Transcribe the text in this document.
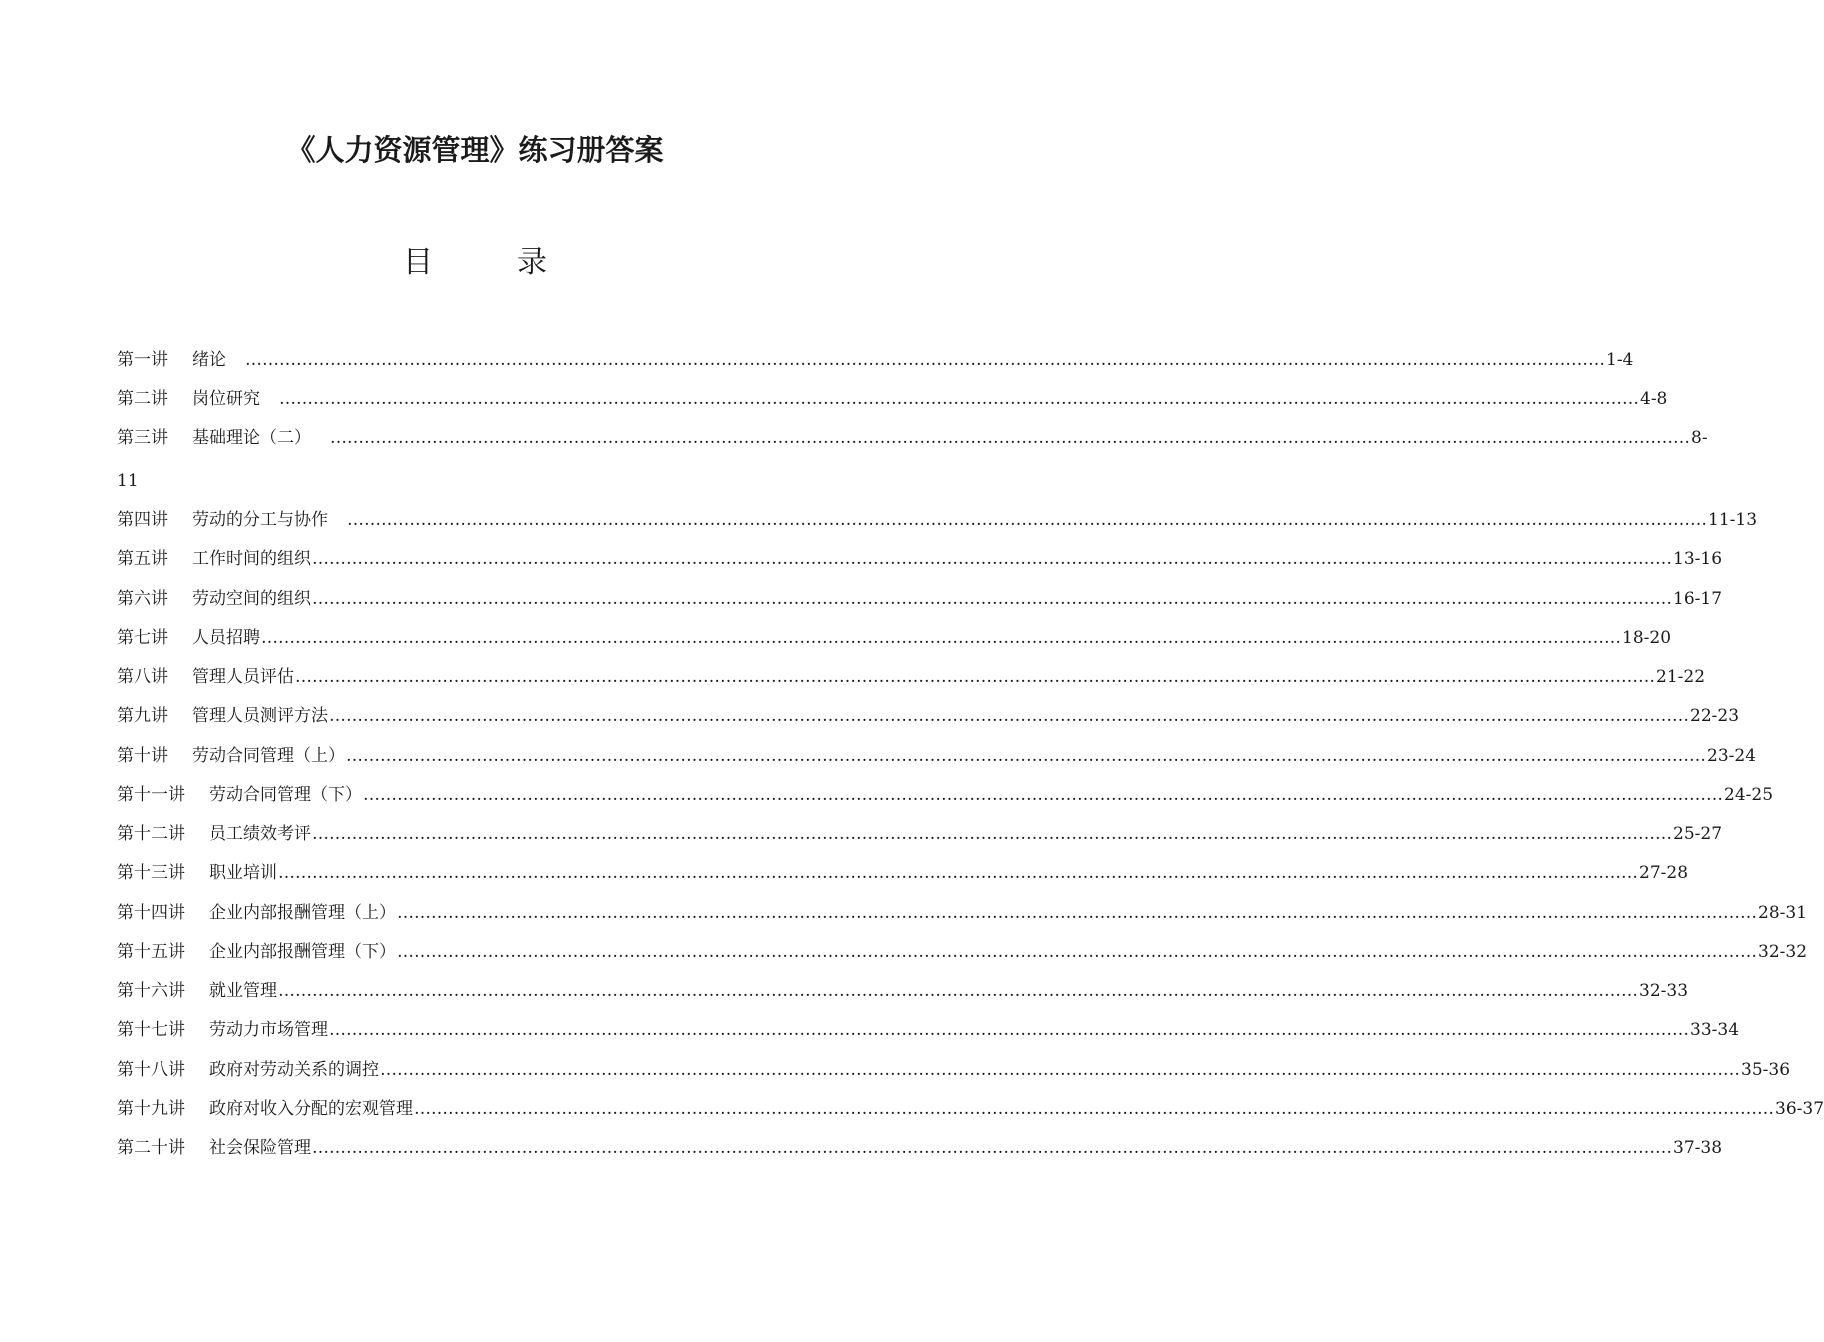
《人力资源管理》练习册答案
目	录
第一讲 绪论 …………………………………………………………………………………………………………………………………………………………………………………………………………………… 1-4
第二讲 岗位研究 …………………………………………………………………………………………………………………………………………………………………………………………………………………… 4-8
第三讲 基础理论（二） …………………………………………………………………………………………………………………………………………………………………………………………………………………… 8-
11
第四讲 劳动的分工与协作 …………………………………………………………………………………………………………………………………………………………………………………………………………………… 11-13
第五讲 工作时间的组织 …………………………………………………………………………………………………………………………………………………………………………………………………………………… 13-16
第六讲 劳动空间的组织 …………………………………………………………………………………………………………………………………………………………………………………………………………………… 16-17
第七讲 人员招聘 …………………………………………………………………………………………………………………………………………………………………………………………………………………… 18-20
第八讲 管理人员评估 …………………………………………………………………………………………………………………………………………………………………………………………………………………… 21-22
第九讲 管理人员测评方法 …………………………………………………………………………………………………………………………………………………………………………………………………………………… 22-23
第十讲 劳动合同管理（上） …………………………………………………………………………………………………………………………………………………………………………………………………………………… 23-24
第十一讲 劳动合同管理（下） …………………………………………………………………………………………………………………………………………………………………………………………………………………… 24-25
第十二讲 员工绩效考评 …………………………………………………………………………………………………………………………………………………………………………………………………………………… 25-27
第十三讲 职业培训 …………………………………………………………………………………………………………………………………………………………………………………………………………………… 27-28
第十四讲 企业内部报酬管理（上） …………………………………………………………………………………………………………………………………………………………………………………………………………………… 28-31
第十五讲 企业内部报酬管理（下） …………………………………………………………………………………………………………………………………………………………………………………………………………………… 32-32
第十六讲 就业管理 …………………………………………………………………………………………………………………………………………………………………………………………………………………… 32-33
第十七讲 劳动力市场管理 …………………………………………………………………………………………………………………………………………………………………………………………………………………… 33-34
第十八讲 政府对劳动关系的调控 …………………………………………………………………………………………………………………………………………………………………………………………………………………… 35-36
第十九讲 政府对收入分配的宏观管理 …………………………………………………………………………………………………………………………………………………………………………………………………………………… 36-37
第二十讲 社会保险管理 …………………………………………………………………………………………………………………………………………………………………………………………………………………… 37-38
